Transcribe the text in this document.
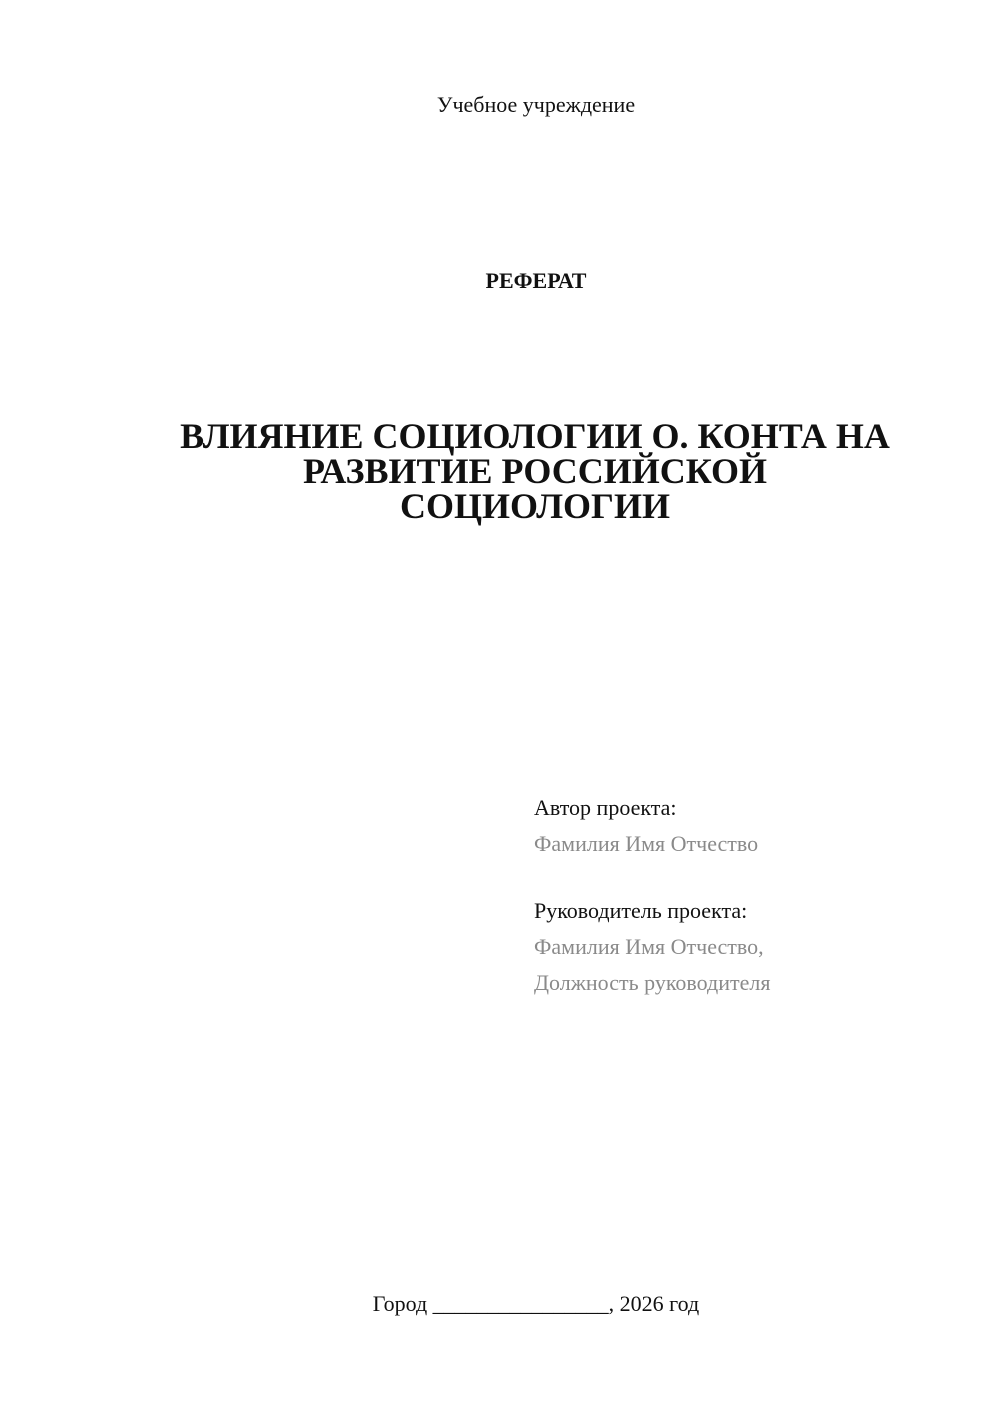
Учебное учреждение
РЕФЕРАТ
ВЛИЯНИЕ СОЦИОЛОГИИ О. КОНТА НА
РАЗВИТИЕ РОССИЙСКОЙ
СОЦИОЛОГИИ
Автор проекта:
Фамилия Имя Отчество
Руководитель проекта:
Фамилия Имя Отчество,
Должность руководителя
Город ________________, 2026 год
